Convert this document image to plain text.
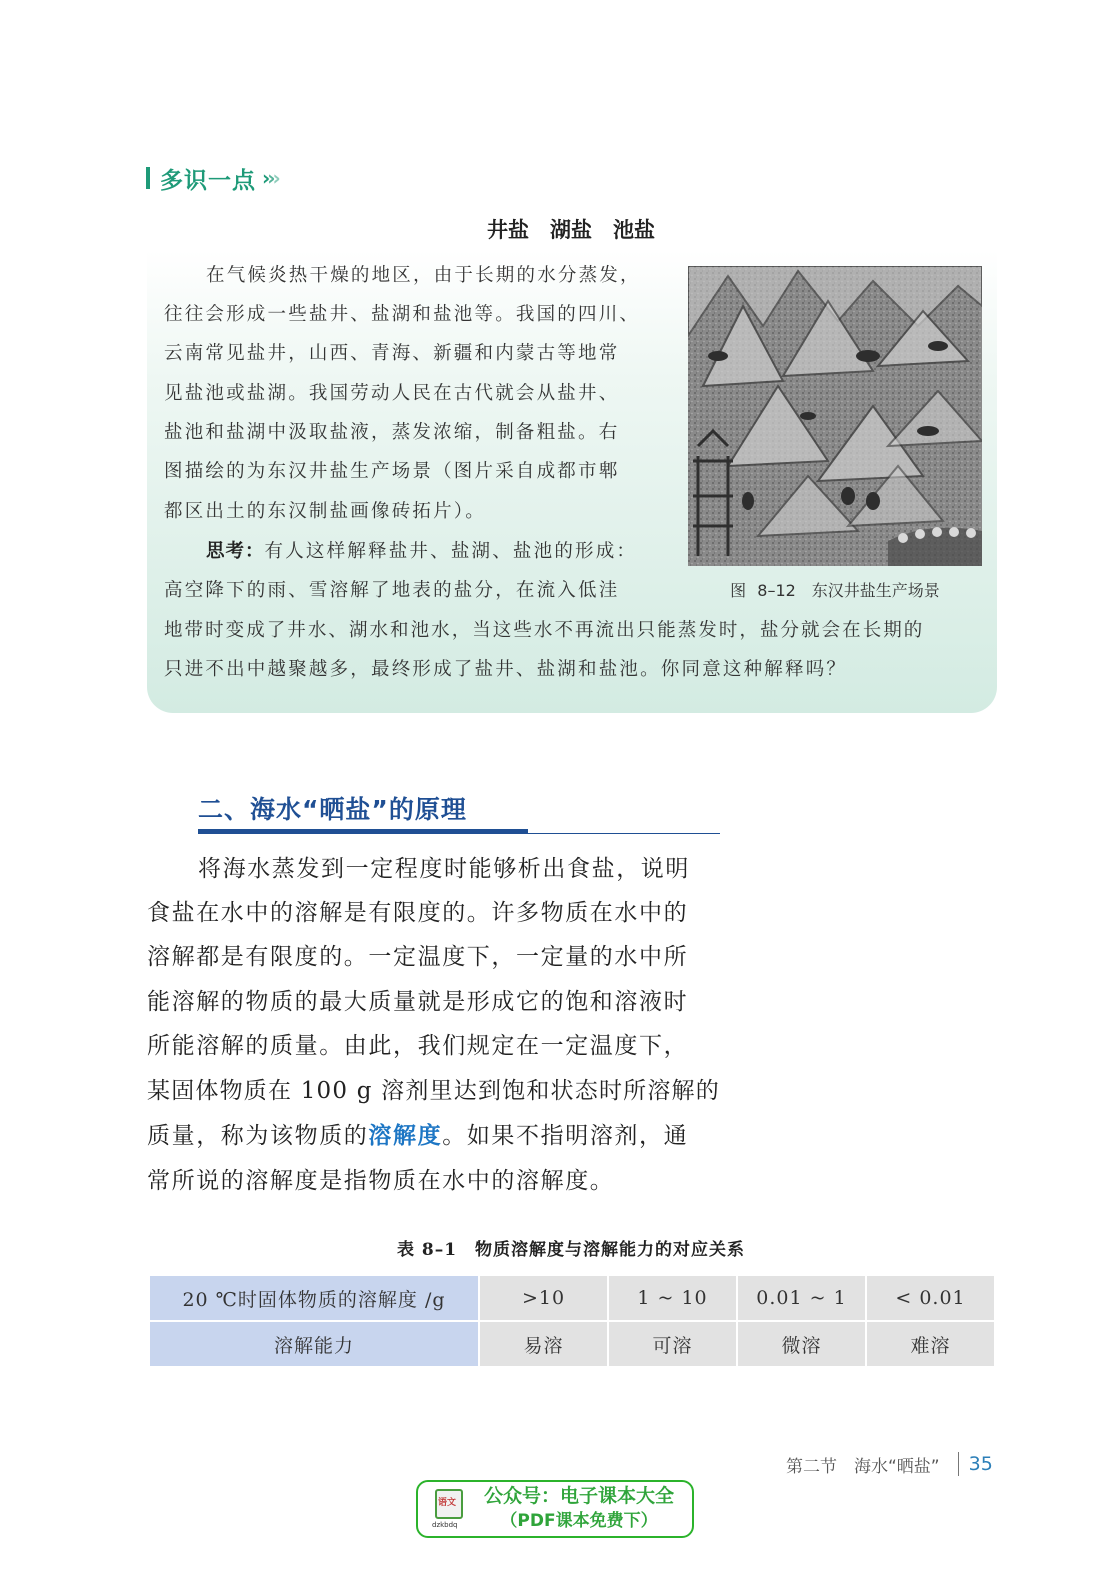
多识一点 ›››
井盐　湖盐　池盐
在气候炎热干燥的地区，由于长期的水分蒸发，
往往会形成一些盐井、盐湖和盐池等。我国的四川、
云南常见盐井，山西、青海、新疆和内蒙古等地常
见盐池或盐湖。我国劳动人民在古代就会从盐井、
盐池和盐湖中汲取盐液，蒸发浓缩，制备粗盐。右
图描绘的为东汉井盐生产场景（图片采自成都市郫
都区出土的东汉制盐画像砖拓片）。
思考：有人这样解释盐井、盐湖、盐池的形成：
高空降下的雨、雪溶解了地表的盐分，在流入低洼
地带时变成了井水、湖水和池水，当这些水不再流出只能蒸发时，盐分就会在长期的
只进不出中越聚越多，最终形成了盐井、盐湖和盐池。你同意这种解释吗？
图 8–12　东汉井盐生产场景
二、海水“晒盐”的原理
将海水蒸发到一定程度时能够析出食盐，说明
食盐在水中的溶解是有限度的。许多物质在水中的
溶解都是有限度的。一定温度下，一定量的水中所
能溶解的物质的最大质量就是形成它的饱和溶液时
所能溶解的质量。由此，我们规定在一定温度下，
某固体物质在 100 g 溶剂里达到饱和状态时所溶解的
质量，称为该物质的溶解度。如果不指明溶剂，通
常所说的溶解度是指物质在水中的溶解度。
表 8–1　物质溶解度与溶解能力的对应关系
20 ℃时固体物质的溶解度 /g	>10	1 ~ 10	0.01 ~ 1	< 0.01
溶解能力	易溶	可溶	微溶	难溶
第二节　海水“晒盐” 35
语文
dzkbdq
公众号：电子课本大全
（PDF课本免费下）
